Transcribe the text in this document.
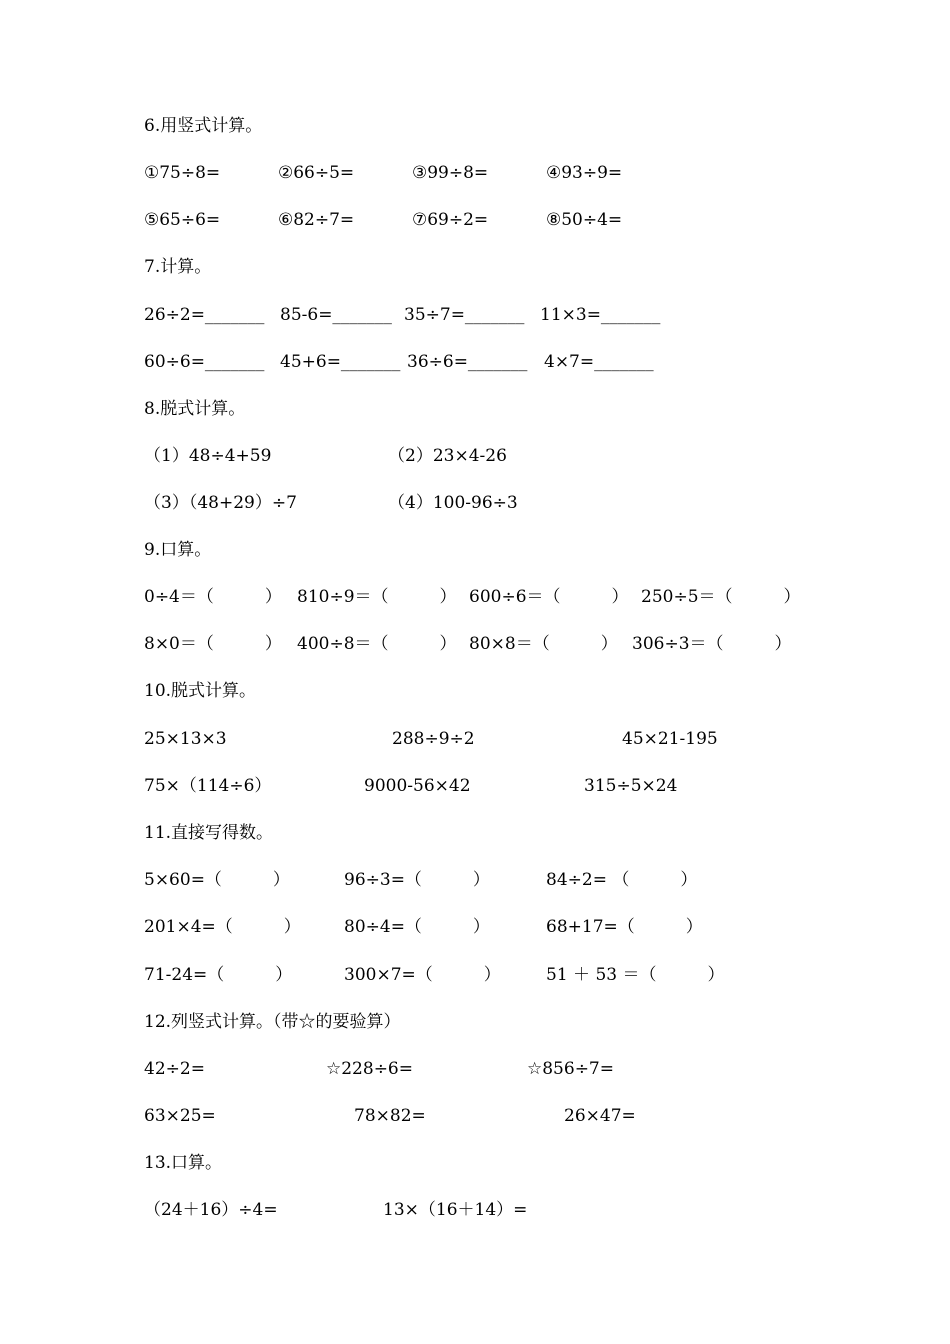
6.用竖式计算。
①75÷8=	②66÷5=	③99÷8=	④93÷9=
⑤65÷6=	⑥82÷7=	⑦69÷2=	⑧50÷4=
7.计算。
26÷2=_______ 85-6=_______ 35÷7=_______ 11×3=_______
60÷6=_______ 45+6=_______ 36÷6=_______ 4×7=_______
8.脱式计算。
（1）48÷4+59	（2）23×4-26
（3）（48+29）÷7	（4）100-96÷3
9.口算。
0÷4＝（　　　） 810÷9＝（　　　） 600÷6＝（　　　） 250÷5＝（　　　）
8×0＝（　　　） 400÷8＝（　　　） 80×8＝（　　　） 306÷3＝（　　　）
10.脱式计算。
25×13×3	288÷9÷2	45×21-195
75×（114÷6）	9000-56×42	315÷5×24
11.直接写得数。
5×60=（　　　）	96÷3=（　　　）	84÷2= （　　　）
201×4=（　　　）	80÷4=（　　　）	68+17=（　　　）
71-24=（　　　）	300×7=（　　　）	51 ＋ 53 ＝（　　　）
12.列竖式计算。（带☆的要验算）
42÷2=	☆228÷6=	☆856÷7=
63×25=	78×82=	26×47=
13.口算。
（24＋16）÷4=	13×（16＋14）=
